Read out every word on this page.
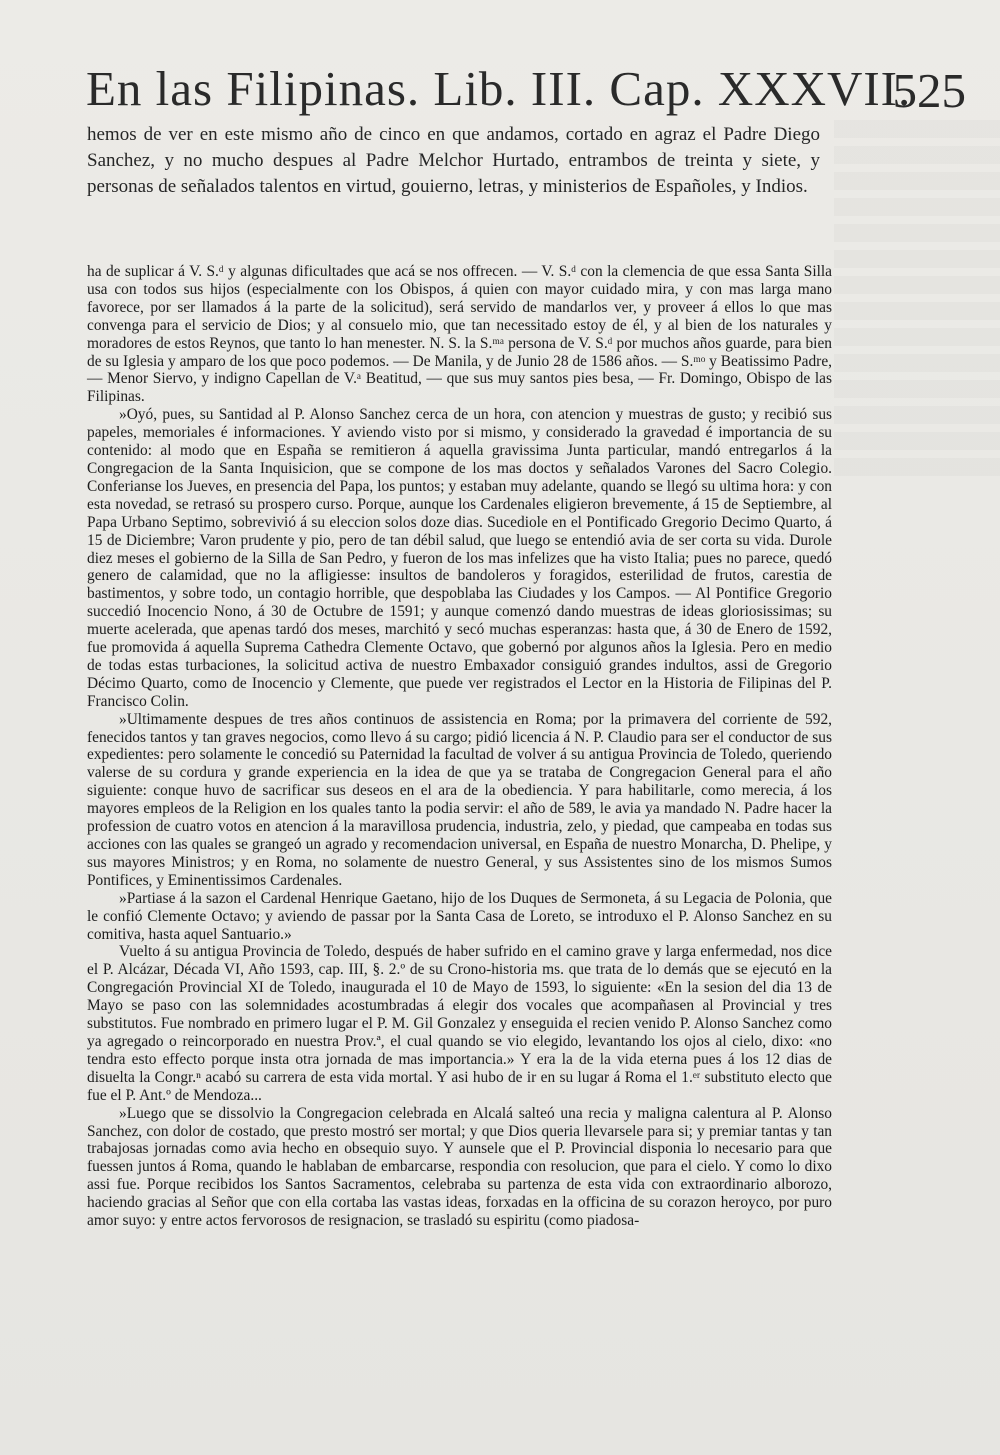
En las Filipinas. Lib. III. Cap. XXXVII.
525

hemos de ver en este mismo año de cinco en que andamos, cortado en agraz el Padre Diego Sanchez, y no mucho despues al Padre Melchor Hurtado, entrambos de treinta y siete, y personas de señalados talentos en virtud, gouierno, letras, y ministerios de Españoles, y Indios.

ha de suplicar á V. S.ᵈ y algunas dificultades que acá se nos offrecen. — V. S.ᵈ con la clemencia de que essa Santa Silla usa con todos sus hijos (especialmente con los Obispos, á quien con mayor cuidado mira, y con mas larga mano favorece, por ser llamados á la parte de la solicitud), será servido de mandarlos ver, y proveer á ellos lo que mas convenga para el servicio de Dios; y al consuelo mio, que tan necessitado estoy de él, y al bien de los naturales y moradores de estos Reynos, que tanto lo han menester. N. S. la S.ᵐᵃ persona de V. S.ᵈ por muchos años guarde, para bien de su Iglesia y amparo de los que poco podemos. — De Manila, y de Junio 28 de 1586 años. — S.ᵐᵒ y Beatissimo Padre, — Menor Siervo, y indigno Capellan de V.ᵃ Beatitud, — que sus muy santos pies besa, — Fr. Domingo, Obispo de las Filipinas.

»Oyó, pues, su Santidad al P. Alonso Sanchez cerca de un hora, con atencion y muestras de gusto; y recibió sus papeles, memoriales é informaciones. Y aviendo visto por si mismo, y considerado la gravedad é importancia de su contenido: al modo que en España se remitieron á aquella gravissima Junta particular, mandó entregarlos á la Congregacion de la Santa Inquisicion, que se compone de los mas doctos y señalados Varones del Sacro Colegio. Conferianse los Jueves, en presencia del Papa, los puntos; y estaban muy adelante, quando se llegó su ultima hora: y con esta novedad, se retrasó su prospero curso. Porque, aunque los Cardenales eligieron brevemente, á 15 de Septiembre, al Papa Urbano Septimo, sobrevivió á su eleccion solos doze dias. Sucediole en el Pontificado Gregorio Decimo Quarto, á 15 de Diciembre; Varon prudente y pio, pero de tan débil salud, que luego se entendió avia de ser corta su vida. Durole diez meses el gobierno de la Silla de San Pedro, y fueron de los mas infelizes que ha visto Italia; pues no parece, quedó genero de calamidad, que no la afligiesse: insultos de bandoleros y foragidos, esterilidad de frutos, carestia de bastimentos, y sobre todo, un contagio horrible, que despoblaba las Ciudades y los Campos. — Al Pontifice Gregorio succedió Inocencio Nono, á 30 de Octubre de 1591; y aunque comenzó dando muestras de ideas gloriosissimas; su muerte acelerada, que apenas tardó dos meses, marchitó y secó muchas esperanzas: hasta que, á 30 de Enero de 1592, fue promovida á aquella Suprema Cathedra Clemente Octavo, que gobernó por algunos años la Iglesia. Pero en medio de todas estas turbaciones, la solicitud activa de nuestro Embaxador consiguió grandes indultos, assi de Gregorio Décimo Quarto, como de Inocencio y Clemente, que puede ver registrados el Lector en la Historia de Filipinas del P. Francisco Colin.

»Ultimamente despues de tres años continuos de assistencia en Roma; por la primavera del corriente de 592, fenecidos tantos y tan graves negocios, como llevo á su cargo; pidió licencia á N. P. Claudio para ser el conductor de sus expedientes: pero solamente le concedió su Paternidad la facultad de volver á su antigua Provincia de Toledo, queriendo valerse de su cordura y grande experiencia en la idea de que ya se trataba de Congregacion General para el año siguiente: conque huvo de sacrificar sus deseos en el ara de la obediencia. Y para habilitarle, como merecia, á los mayores empleos de la Religion en los quales tanto la podia servir: el año de 589, le avia ya mandado N. Padre hacer la profession de cuatro votos en atencion á la maravillosa prudencia, industria, zelo, y piedad, que campeaba en todas sus acciones con las quales se grangeó un agrado y recomendacion universal, en España de nuestro Monarcha, D. Phelipe, y sus mayores Ministros; y en Roma, no solamente de nuestro General, y sus Assistentes sino de los mismos Sumos Pontifices, y Eminentissimos Cardenales.

»Partiase á la sazon el Cardenal Henrique Gaetano, hijo de los Duques de Sermoneta, á su Legacia de Polonia, que le confió Clemente Octavo; y aviendo de passar por la Santa Casa de Loreto, se introduxo el P. Alonso Sanchez en su comitiva, hasta aquel Santuario.»

Vuelto á su antigua Provincia de Toledo, después de haber sufrido en el camino grave y larga enfermedad, nos dice el P. Alcázar, Década VI, Año 1593, cap. III, §. 2.º de su Crono-historia ms. que trata de lo demás que se ejecutó en la Congregación Provincial XI de Toledo, inaugurada el 10 de Mayo de 1593, lo siguiente: «En la sesion del dia 13 de Mayo se paso con las solemnidades acostumbradas á elegir dos vocales que acompañasen al Provincial y tres substitutos. Fue nombrado en primero lugar el P. M. Gil Gonzalez y enseguida el recien venido P. Alonso Sanchez como ya agregado o reincorporado en nuestra Prov.ª, el cual quando se vio elegido, levantando los ojos al cielo, dixo: «no tendra esto effecto porque insta otra jornada de mas importancia.» Y era la de la vida eterna pues á los 12 dias de disuelta la Congr.ⁿ acabó su carrera de esta vida mortal. Y asi hubo de ir en su lugar á Roma el 1.ᵉʳ substituto electo que fue el P. Ant.º de Mendoza...

»Luego que se dissolvio la Congregacion celebrada en Alcalá salteó una recia y maligna calentura al P. Alonso Sanchez, con dolor de costado, que presto mostró ser mortal; y que Dios queria llevarsele para si; y premiar tantas y tan trabajosas jornadas como avia hecho en obsequio suyo. Y aunsele que el P. Provincial disponia lo necesario para que fuessen juntos á Roma, quando le hablaban de embarcarse, respondia con resolucion, que para el cielo. Y como lo dixo assi fue. Porque recibidos los Santos Sacramentos, celebraba su partenza de esta vida con extraordinario alborozo, haciendo gracias al Señor que con ella cortaba las vastas ideas, forxadas en la officina de su corazon heroyco, por puro amor suyo: y entre actos fervorosos de resignacion, se trasladó su espiritu (como piadosa-
